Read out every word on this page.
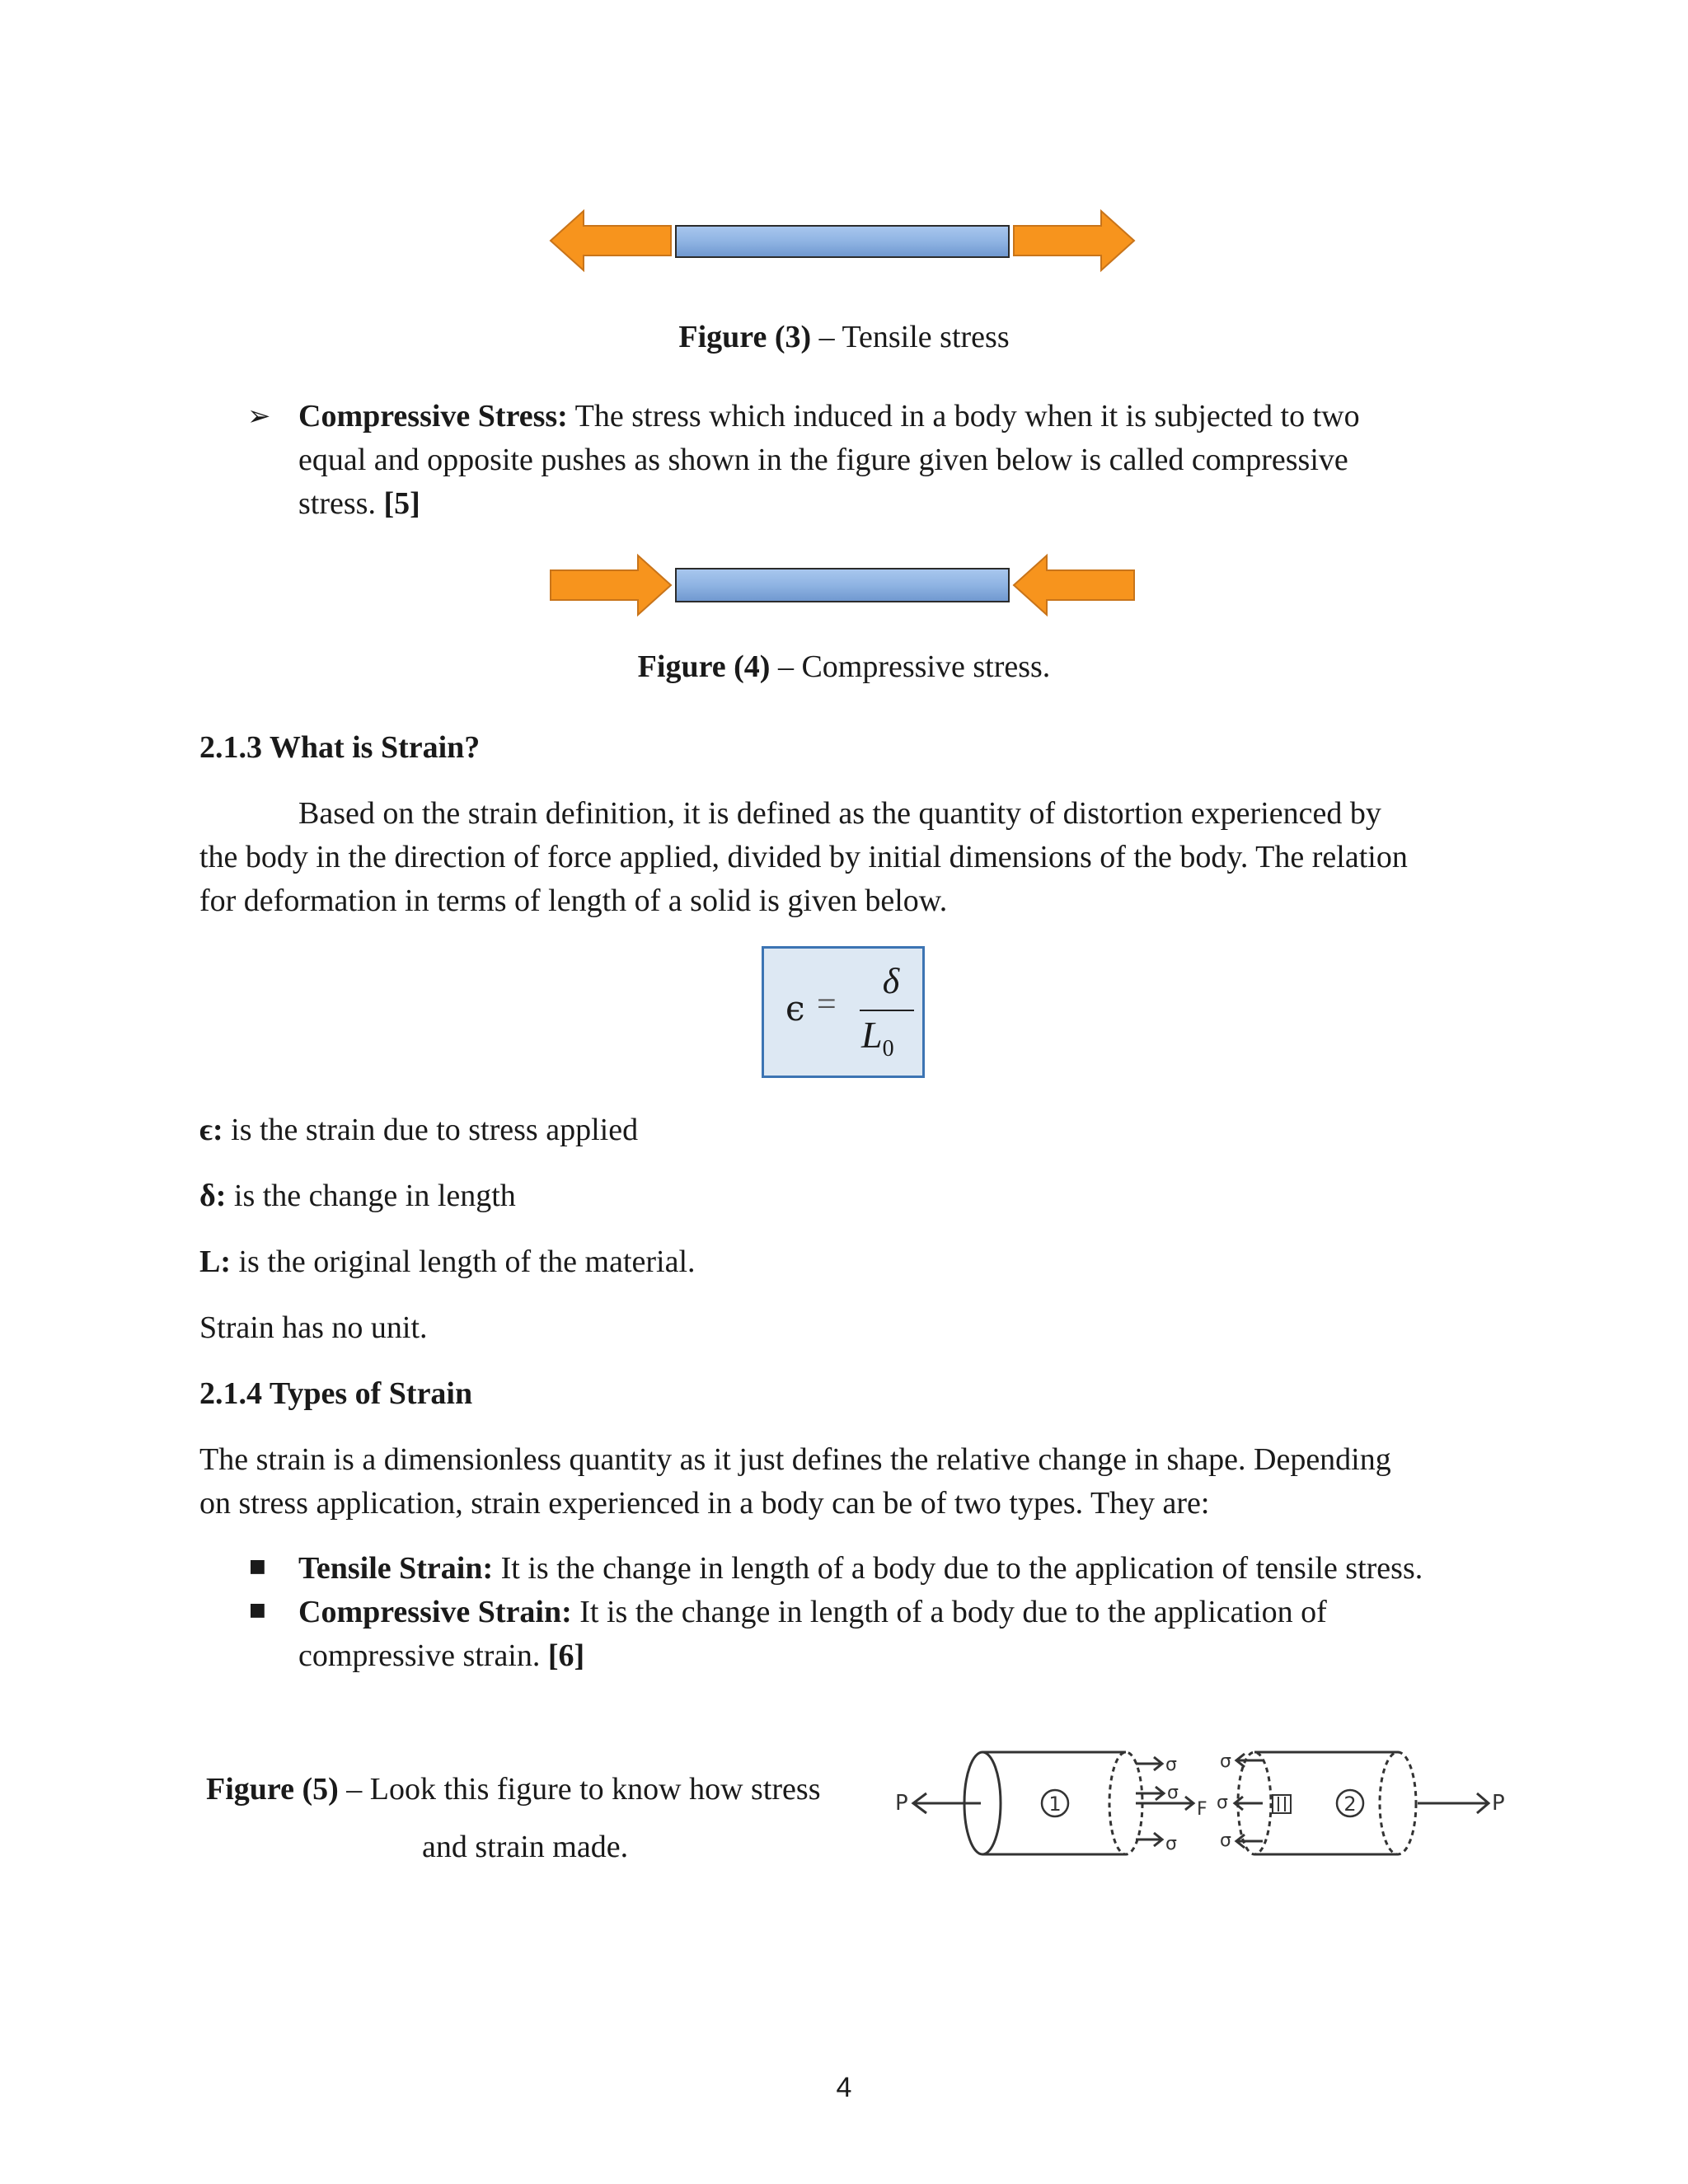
Figure (3) – Tensile stress
➢ Compressive Stress: The stress which induced in a body when it is subjected to two
equal and opposite pushes as shown in the figure given below is called compressive
stress. [5]
Figure (4) – Compressive stress.
2.1.3 What is Strain?
Based on the strain definition, it is defined as the quantity of distortion experienced by
the body in the direction of force applied, divided by initial dimensions of the body. The relation
for deformation in terms of length of a solid is given below.
ϵ =
δ
$L_0$
ϵ: is the strain due to stress applied
δ: is the change in length
L: is the original length of the material.
Strain has no unit.
2.1.4 Types of Strain
The strain is a dimensionless quantity as it just defines the relative change in shape. Depending
on stress application, strain experienced in a body can be of two types. They are:
■ Tensile Strain: It is the change in length of a body due to the application of tensile stress.
■ Compressive Strain: It is the change in length of a body due to the application of
compressive strain. [6]
Figure (5) – Look this figure to know how stress
and strain made.
P	1
σ
F
σ
σ
2
σ
σ
σ
P
4
